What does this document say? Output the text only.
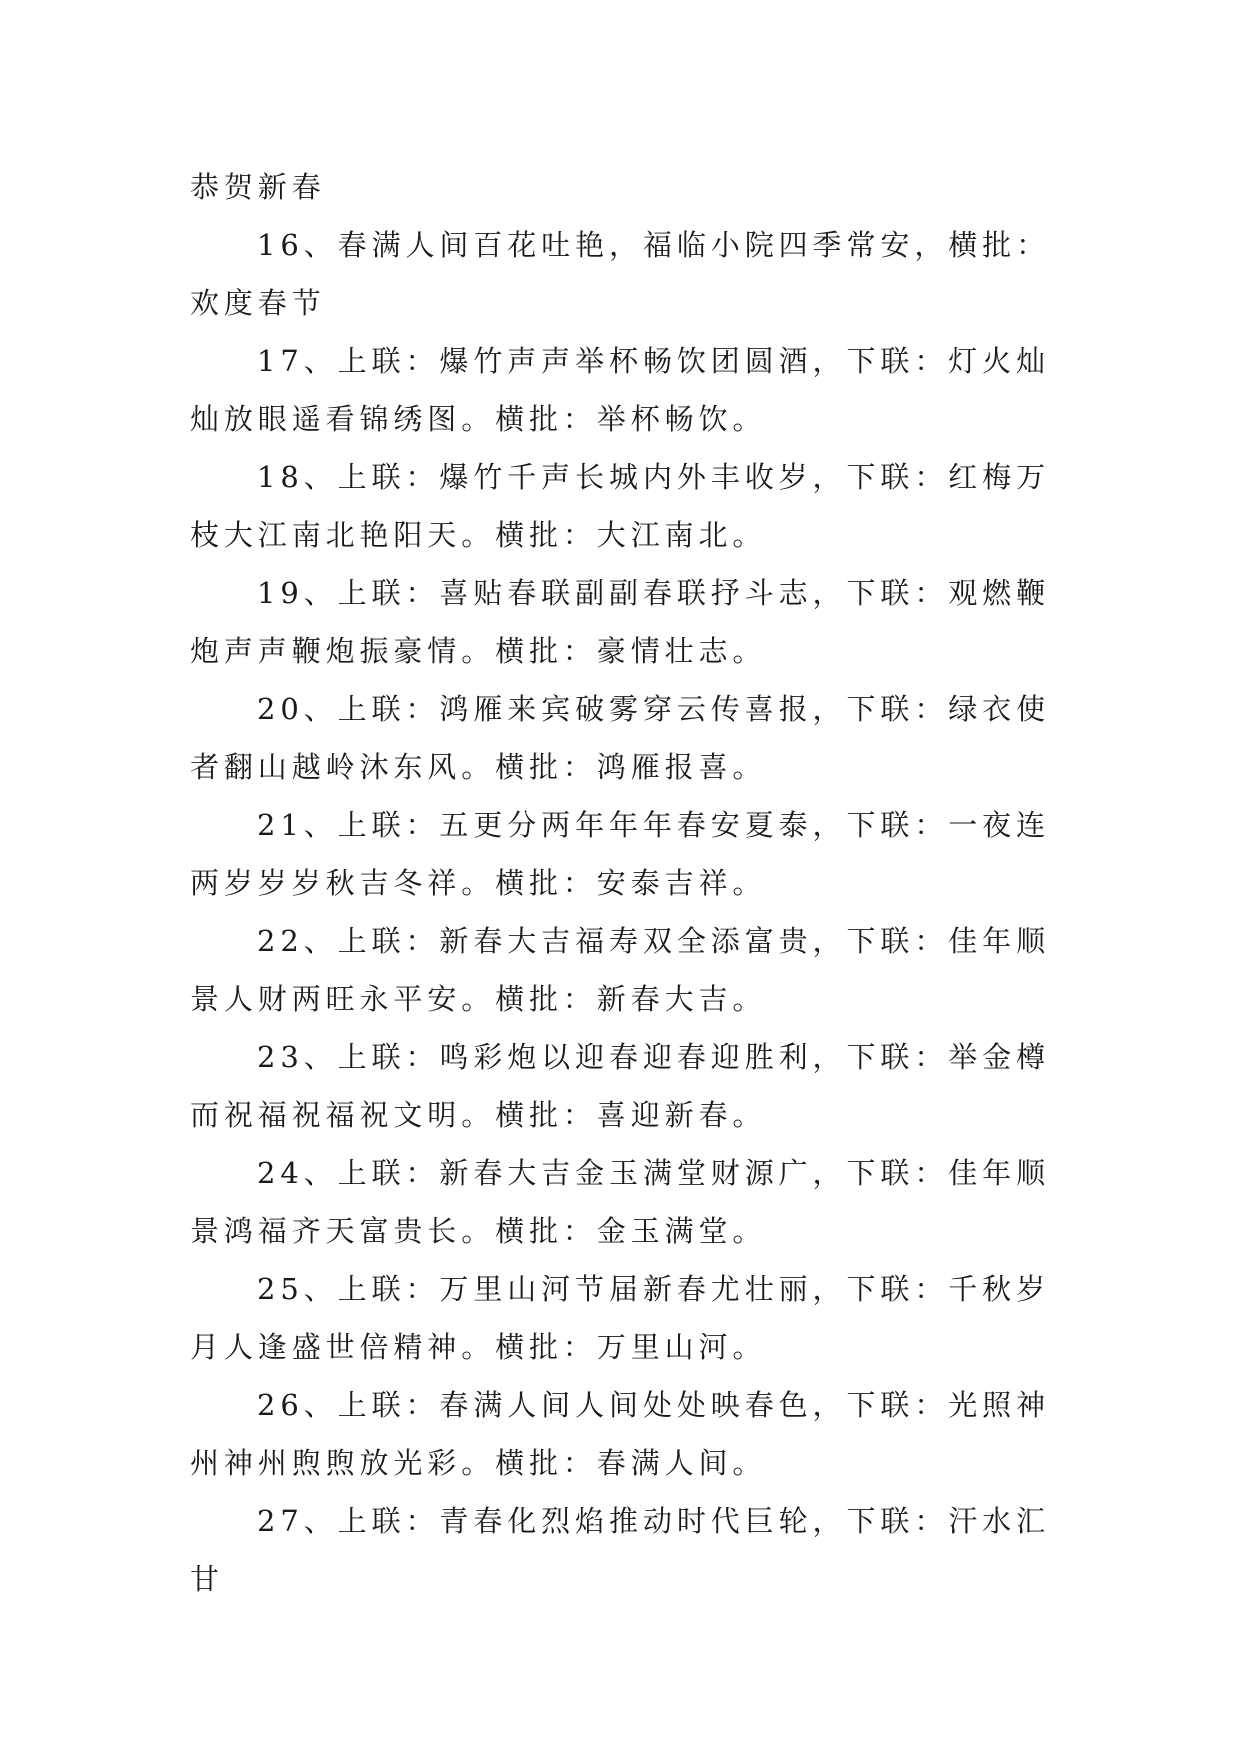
恭贺新春

16、春满人间百花吐艳，福临小院四季常安，横批：欢度春节

17、上联：爆竹声声举杯畅饮团圆酒，下联：灯火灿灿放眼遥看锦绣图。横批：举杯畅饮。

18、上联：爆竹千声长城内外丰收岁，下联：红梅万枝大江南北艳阳天。横批：大江南北。

19、上联：喜贴春联副副春联抒斗志，下联：观燃鞭炮声声鞭炮振豪情。横批：豪情壮志。

20、上联：鸿雁来宾破雾穿云传喜报，下联：绿衣使者翻山越岭沐东风。横批：鸿雁报喜。

21、上联：五更分两年年年春安夏泰，下联：一夜连两岁岁岁秋吉冬祥。横批：安泰吉祥。

22、上联：新春大吉福寿双全添富贵，下联：佳年顺景人财两旺永平安。横批：新春大吉。

23、上联：鸣彩炮以迎春迎春迎胜利，下联：举金樽而祝福祝福祝文明。横批：喜迎新春。

24、上联：新春大吉金玉满堂财源广，下联：佳年顺景鸿福齐天富贵长。横批：金玉满堂。

25、上联：万里山河节届新春尤壮丽，下联：千秋岁月人逢盛世倍精神。横批：万里山河。

26、上联：春满人间人间处处映春色，下联：光照神州神州煦煦放光彩。横批：春满人间。

27、上联：青春化烈焰推动时代巨轮，下联：汗水汇甘
